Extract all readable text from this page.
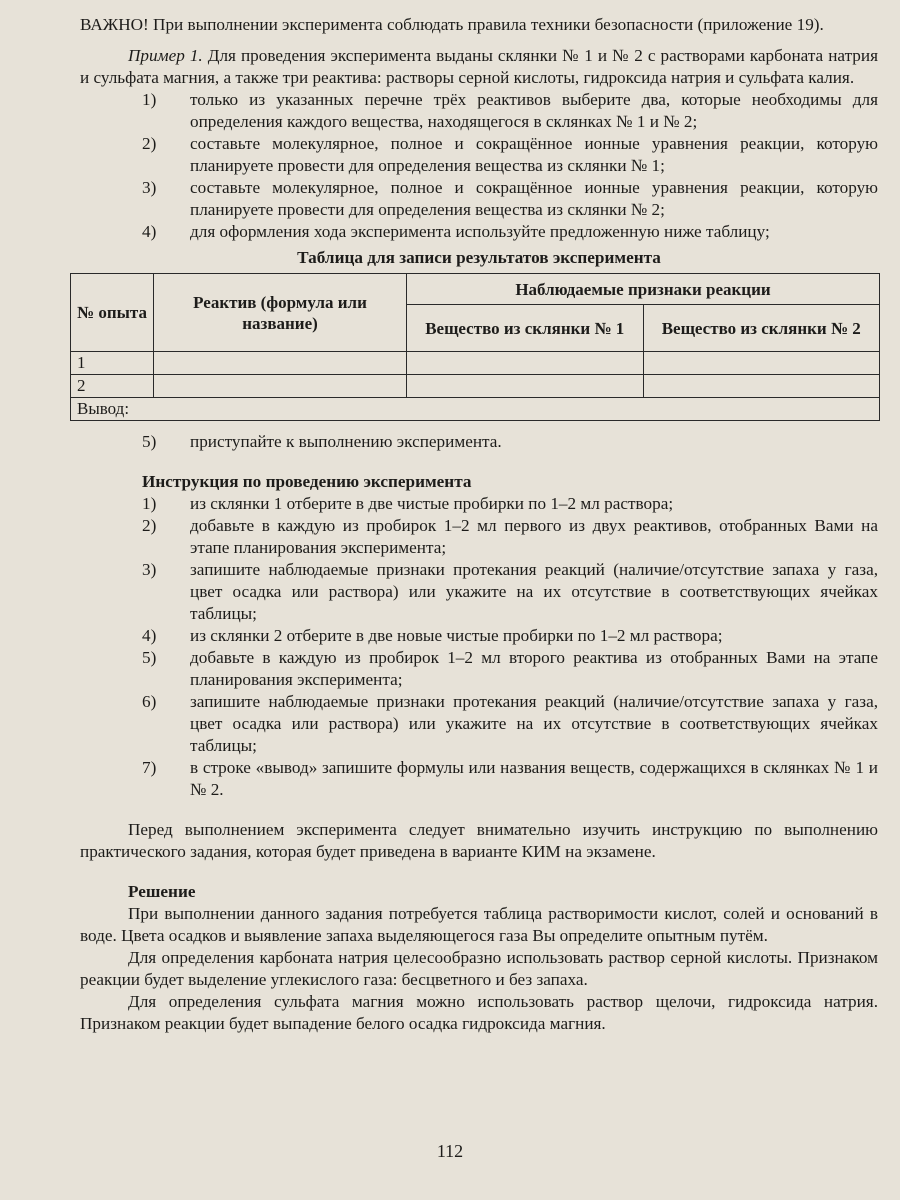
ВАЖНО! При выполнении эксперимента соблюдать правила техники безопасности (приложение 19).

Пример 1. Для проведения эксперимента выданы склянки № 1 и № 2 с растворами карбоната натрия и сульфата магния, а также три реактива: растворы серной кислоты, гидроксида натрия и сульфата калия.

1)	только из указанных перечне трёх реактивов выберите два, которые необходимы для определения каждого вещества, находящегося в склянках № 1 и № 2;
2)	составьте молекулярное, полное и сокращённое ионные уравнения реакции, которую планируете провести для определения вещества из склянки № 1;
3)	составьте молекулярное, полное и сокращённое ионные уравнения реакции, которую планируете провести для определения вещества из склянки № 2;
4)	для оформления хода эксперимента используйте предложенную ниже таблицу;
Таблица для записи результатов эксперимента
№ опыта	Реактив (формула или название)	Наблюдаемые признаки реакции	
		Вещество из склянки № 1	Вещество из склянки № 2
1			
2			
Вывод:			
5)	приступайте к выполнению эксперимента.
Инструкция по проведению эксперимента
1)	из склянки 1 отберите в две чистые пробирки по 1–2 мл раствора;
2)	добавьте в каждую из пробирок 1–2 мл первого из двух реактивов, отобранных Вами на этапе планирования эксперимента;
3)	запишите наблюдаемые признаки протекания реакций (наличие/отсутствие запаха у газа, цвет осадка или раствора) или укажите на их отсутствие в соответствующих ячейках таблицы;
4)	из склянки 2 отберите в две новые чистые пробирки по 1–2 мл раствора;
5)	добавьте в каждую из пробирок 1–2 мл второго реактива из отобранных Вами на этапе планирования эксперимента;
6)	запишите наблюдаемые признаки протекания реакций (наличие/отсутствие запаха у газа, цвет осадка или раствора) или укажите на их отсутствие в соответствующих ячейках таблицы;
7)	в строке «вывод» запишите формулы или названия веществ, содержащихся в склянках № 1 и № 2.

Перед выполнением эксперимента следует внимательно изучить инструкцию по выполнению практического задания, которая будет приведена в варианте КИМ на экзамене.

Решение

При выполнении данного задания потребуется таблица растворимости кислот, солей и оснований в воде. Цвета осадков и выявление запаха выделяющегося газа Вы определите опытным путём.

Для определения карбоната натрия целесообразно использовать раствор серной кислоты. Признаком реакции будет выделение углекислого газа: бесцветного и без запаха.

Для определения сульфата магния можно использовать раствор щелочи, гидроксида натрия. Признаком реакции будет выпадение белого осадка гидроксида магния.

112
